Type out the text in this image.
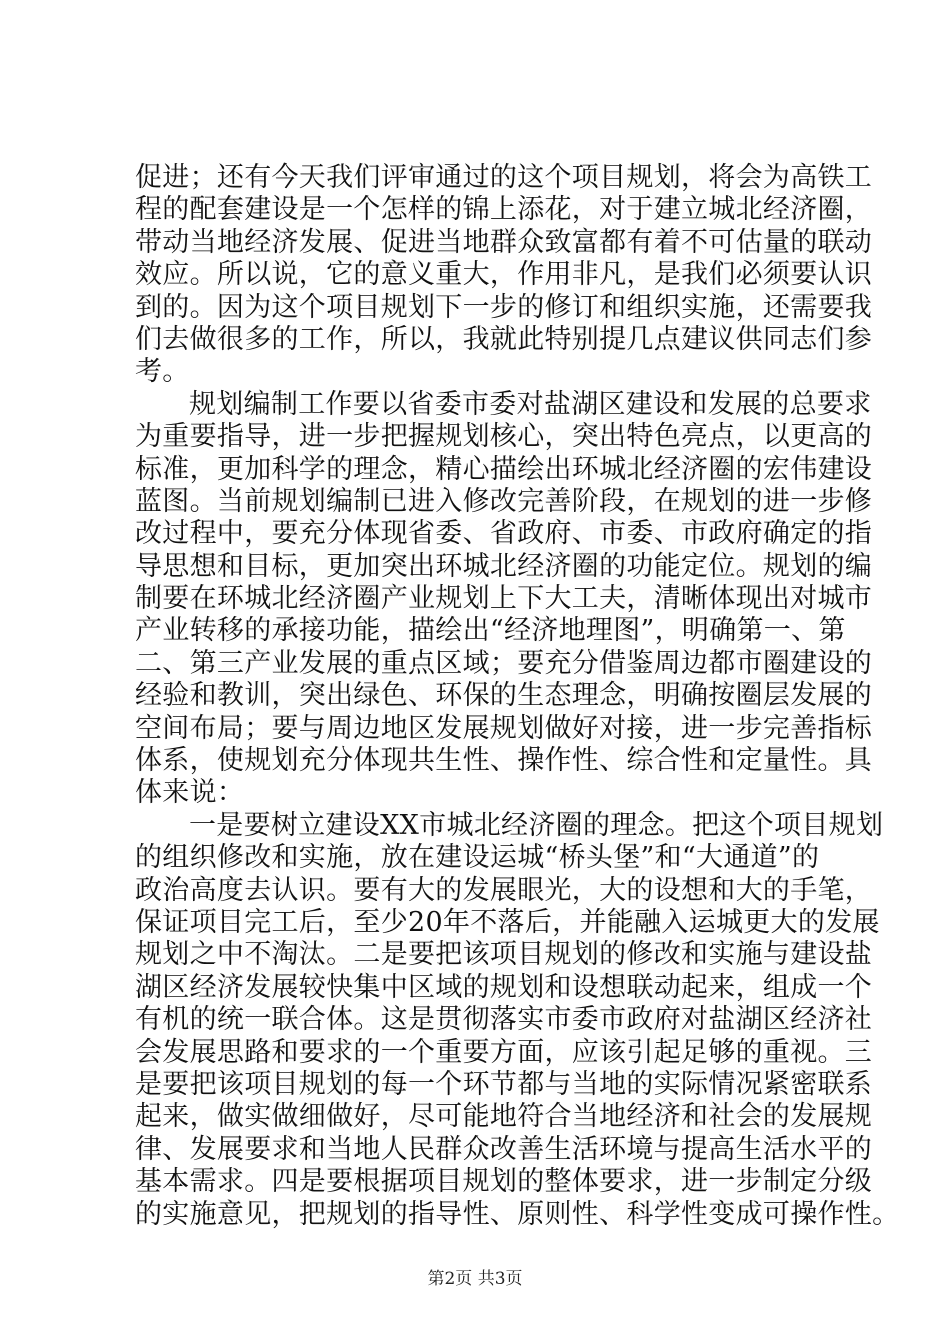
促进；还有今天我们评审通过的这个项目规划，将会为高铁工
程的配套建设是一个怎样的锦上添花，对于建立城北经济圈，
带动当地经济发展、促进当地群众致富都有着不可估量的联动
效应。所以说，它的意义重大，作用非凡，是我们必须要认识
到的。因为这个项目规划下一步的修订和组织实施，还需要我
们去做很多的工作，所以，我就此特别提几点建议供同志们参
考。
规划编制工作要以省委市委对盐湖区建设和发展的总要求
为重要指导，进一步把握规划核心，突出特色亮点，以更高的
标准，更加科学的理念，精心描绘出环城北经济圈的宏伟建设
蓝图。当前规划编制已进入修改完善阶段，在规划的进一步修
改过程中，要充分体现省委、省政府、市委、市政府确定的指
导思想和目标，更加突出环城北经济圈的功能定位。规划的编
制要在环城北经济圈产业规划上下大工夫，清晰体现出对城市
产业转移的承接功能，描绘出“经济地理图”，明确第一、第
二、第三产业发展的重点区域；要充分借鉴周边都市圈建设的
经验和教训，突出绿色、环保的生态理念，明确按圈层发展的
空间布局；要与周边地区发展规划做好对接，进一步完善指标
体系，使规划充分体现共生性、操作性、综合性和定量性。具
体来说：
一是要树立建设XX市城北经济圈的理念。把这个项目规划
的组织修改和实施，放在建设运城“桥头堡”和“大通道”的
政治高度去认识。要有大的发展眼光，大的设想和大的手笔，
保证项目完工后，至少20年不落后，并能融入运城更大的发展
规划之中不淘汰。二是要把该项目规划的修改和实施与建设盐
湖区经济发展较快集中区域的规划和设想联动起来，组成一个
有机的统一联合体。这是贯彻落实市委市政府对盐湖区经济社
会发展思路和要求的一个重要方面，应该引起足够的重视。三
是要把该项目规划的每一个环节都与当地的实际情况紧密联系
起来，做实做细做好，尽可能地符合当地经济和社会的发展规
律、发展要求和当地人民群众改善生活环境与提高生活水平的
基本需求。四是要根据项目规划的整体要求，进一步制定分级
的实施意见，把规划的指导性、原则性、科学性变成可操作性。
第2页 共3页
